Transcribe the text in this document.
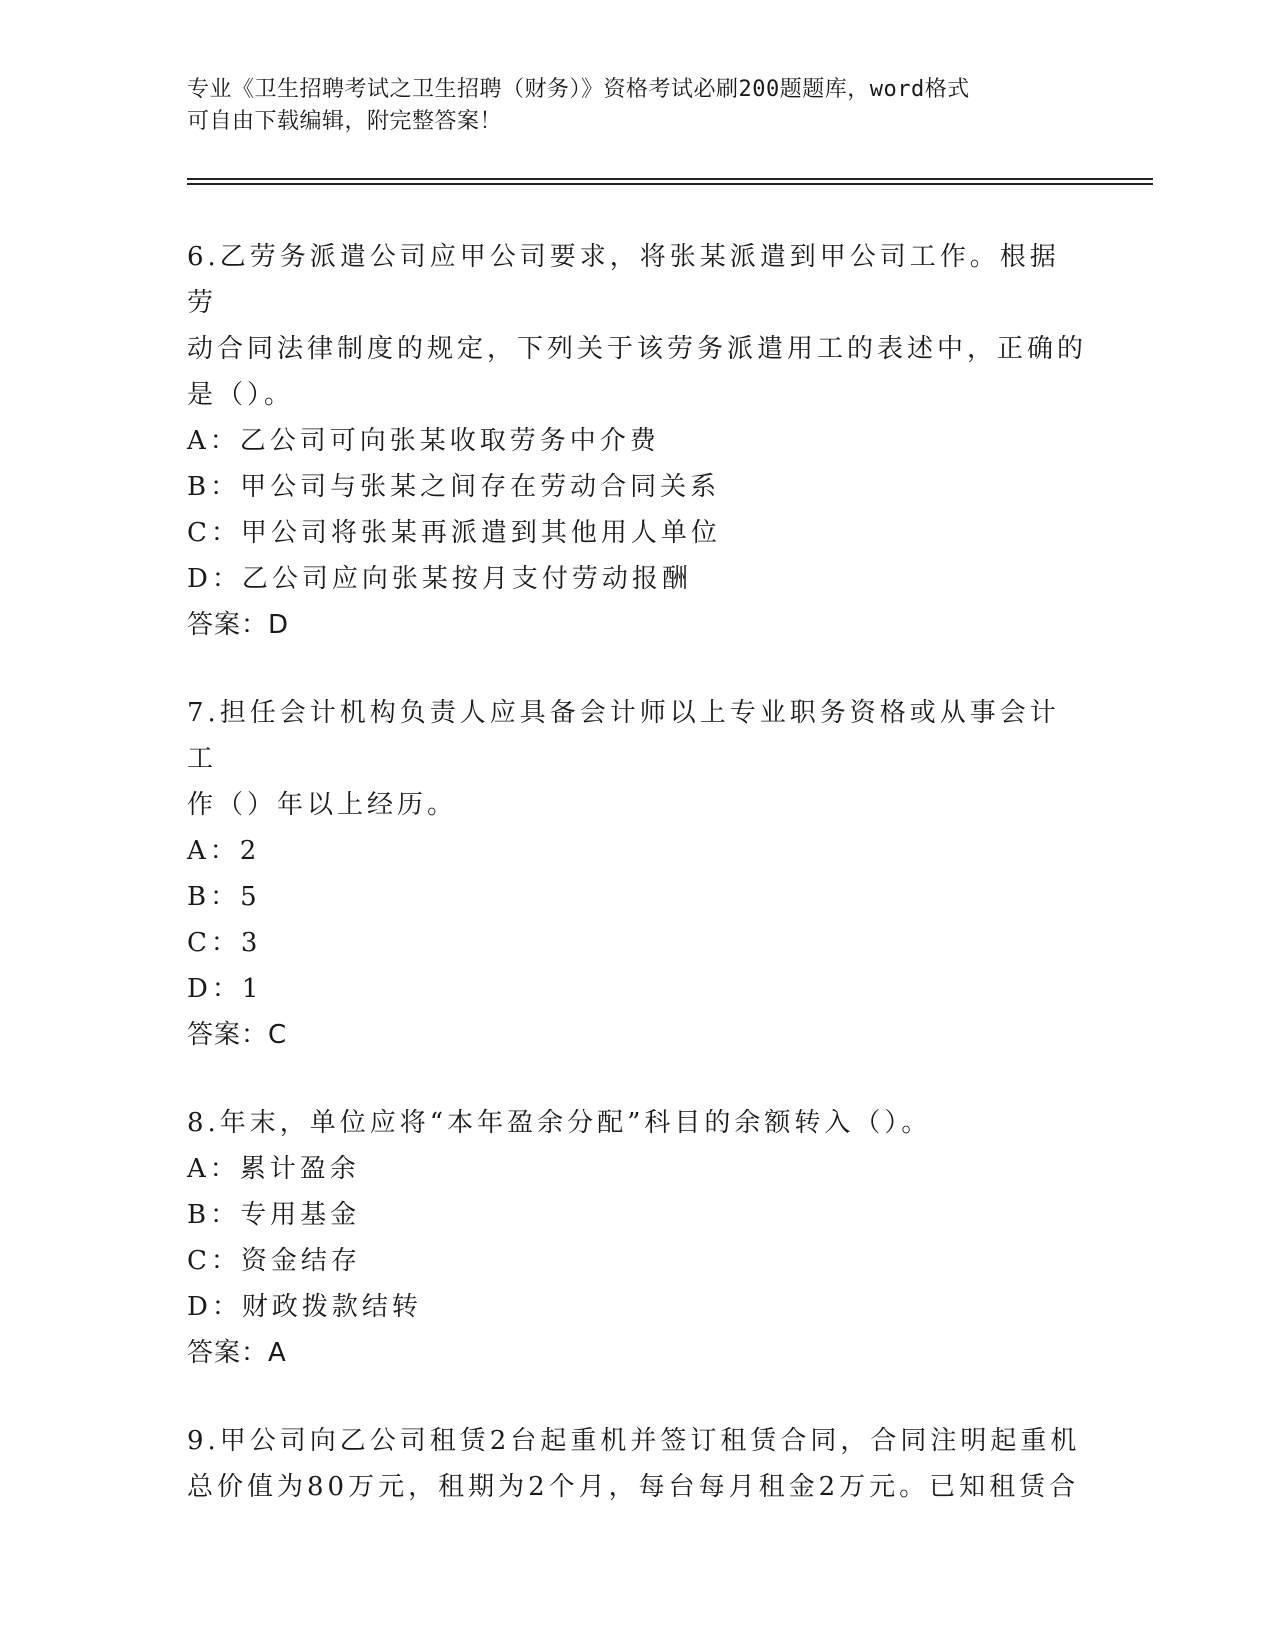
专业《卫生招聘考试之卫生招聘（财务）》资格考试必刷200题题库，word格式
可自由下载编辑，附完整答案！

6.乙劳务派遣公司应甲公司要求，将张某派遣到甲公司工作。根据劳

动合同法律制度的规定，下列关于该劳务派遣用工的表述中，正确的

是（）。

A：乙公司可向张某收取劳务中介费

B：甲公司与张某之间存在劳动合同关系

C：甲公司将张某再派遣到其他用人单位

D：乙公司应向张某按月支付劳动报酬

答案：D

7.担任会计机构负责人应具备会计师以上专业职务资格或从事会计工

作（）年以上经历。

A：2

B：5

C：3

D：1

答案：C

8.年末，单位应将“本年盈余分配”科目的余额转入（）。

A：累计盈余

B：专用基金

C：资金结存

D：财政拨款结转

答案：A

9.甲公司向乙公司租赁2台起重机并签订租赁合同，合同注明起重机

总价值为80万元，租期为2个月，每台每月租金2万元。已知租赁合
